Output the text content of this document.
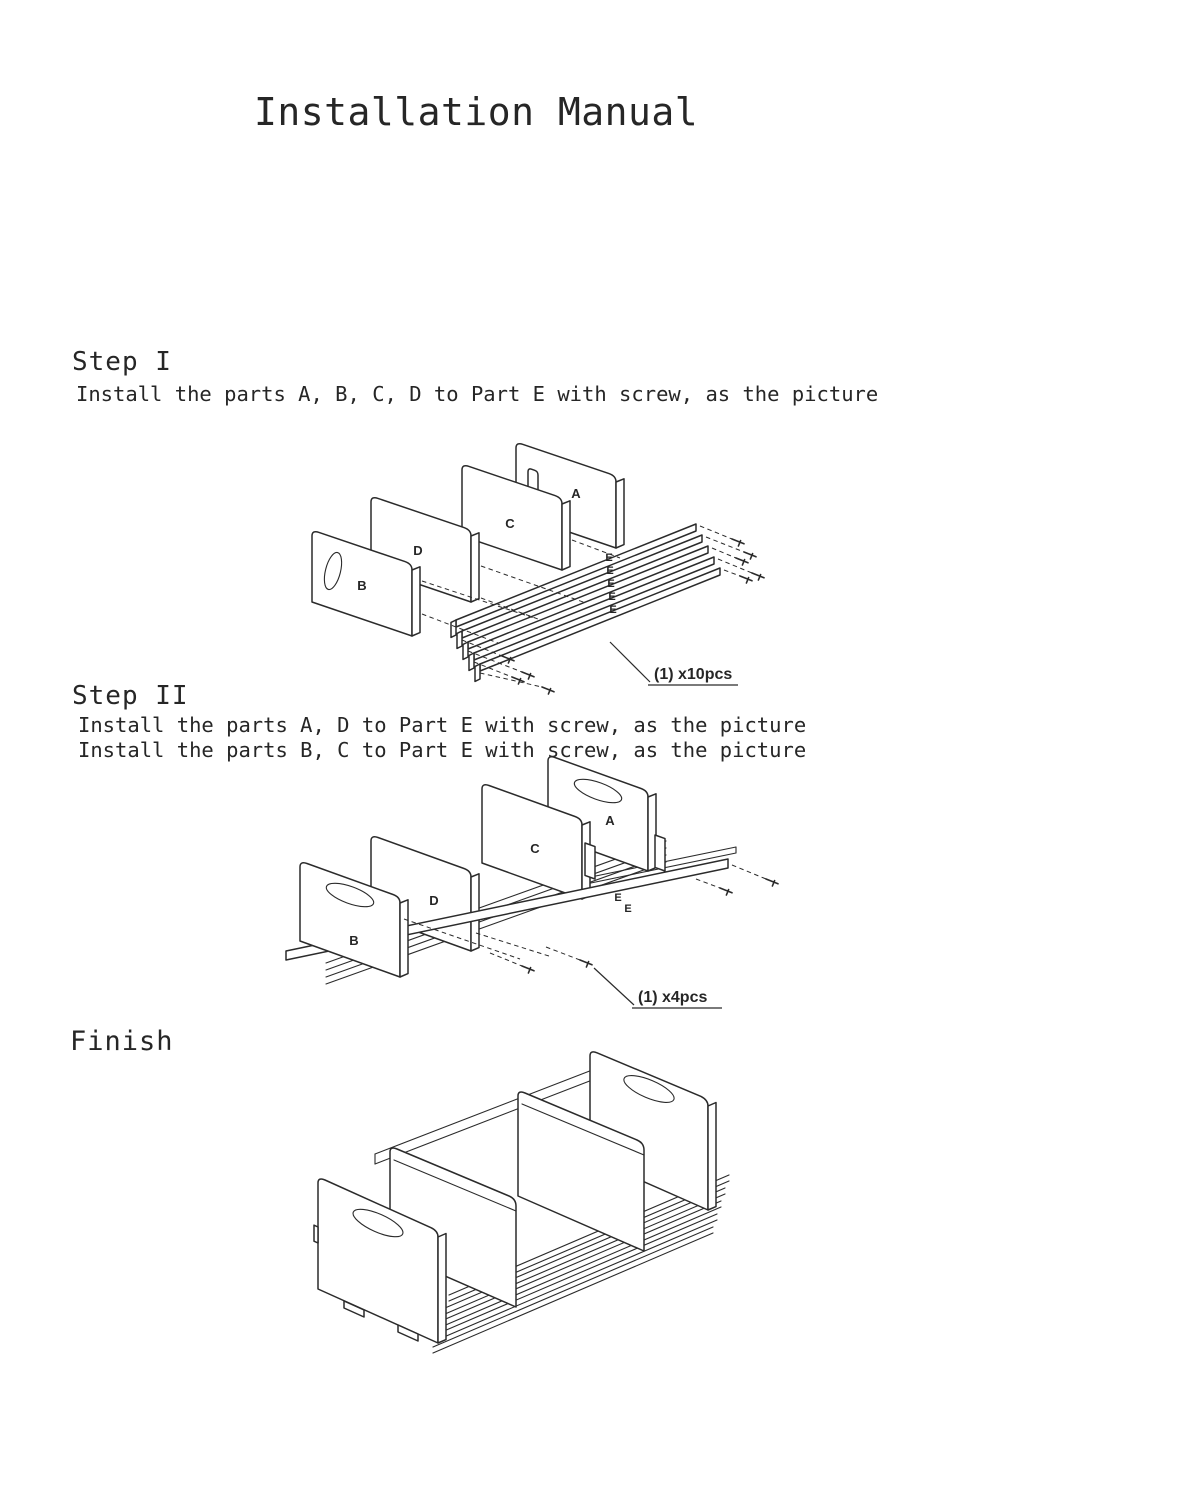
Installation Manual
Step I
Install the parts A, B, C, D to Part E with screw, as the picture
Step II
Install the parts A, D to Part E with screw, as the picture
Install the parts B, C to Part E with screw, as the picture
Finish
A
C
D
B
E
E
E
E
E
(1) x10pcs
A
C
D
B
E
E
(1) x4pcs
